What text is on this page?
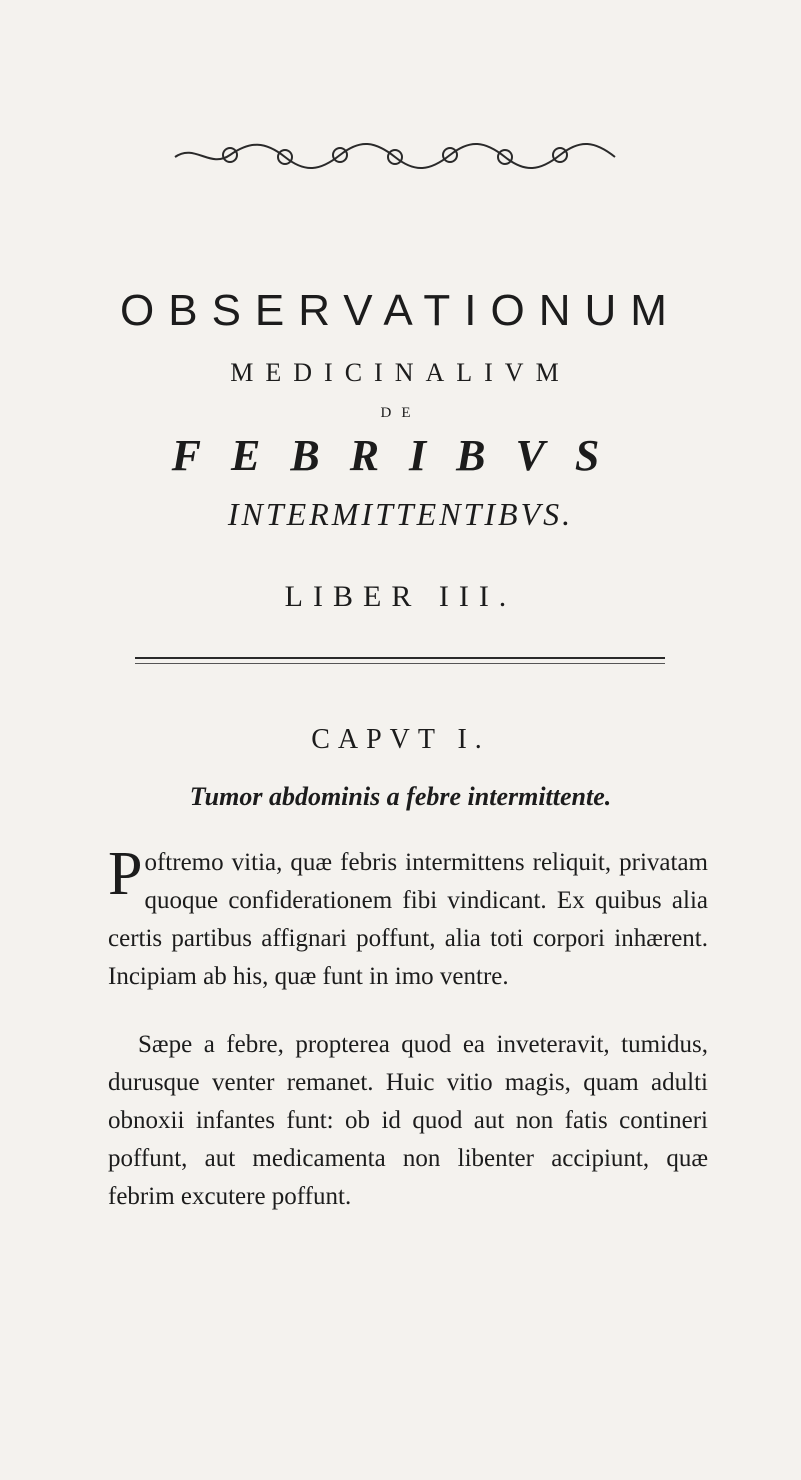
OBSERVATIONUM
MEDICINALIVM
DE
FEBRIBVS
INTERMITTENTIBVS.
LIBER III.
CAPVT I.
Tumor abdominis a febre intermittente.

Poftremo vitia, quæ febris intermittens reliquit, privatam quoque confiderationem fibi vindicant. Ex quibus alia certis partibus affignari poffunt, alia toti corpori inhærent. Incipiam ab his, quæ funt in imo ventre.

Sæpe a febre, propterea quod ea inveteravit, tumidus, durusque venter remanet. Huic vitio magis, quam adulti obnoxii infantes funt: ob id quod aut non fatis contineri poffunt, aut medicamenta non libenter accipiunt, quæ febrim excutere poffunt.
